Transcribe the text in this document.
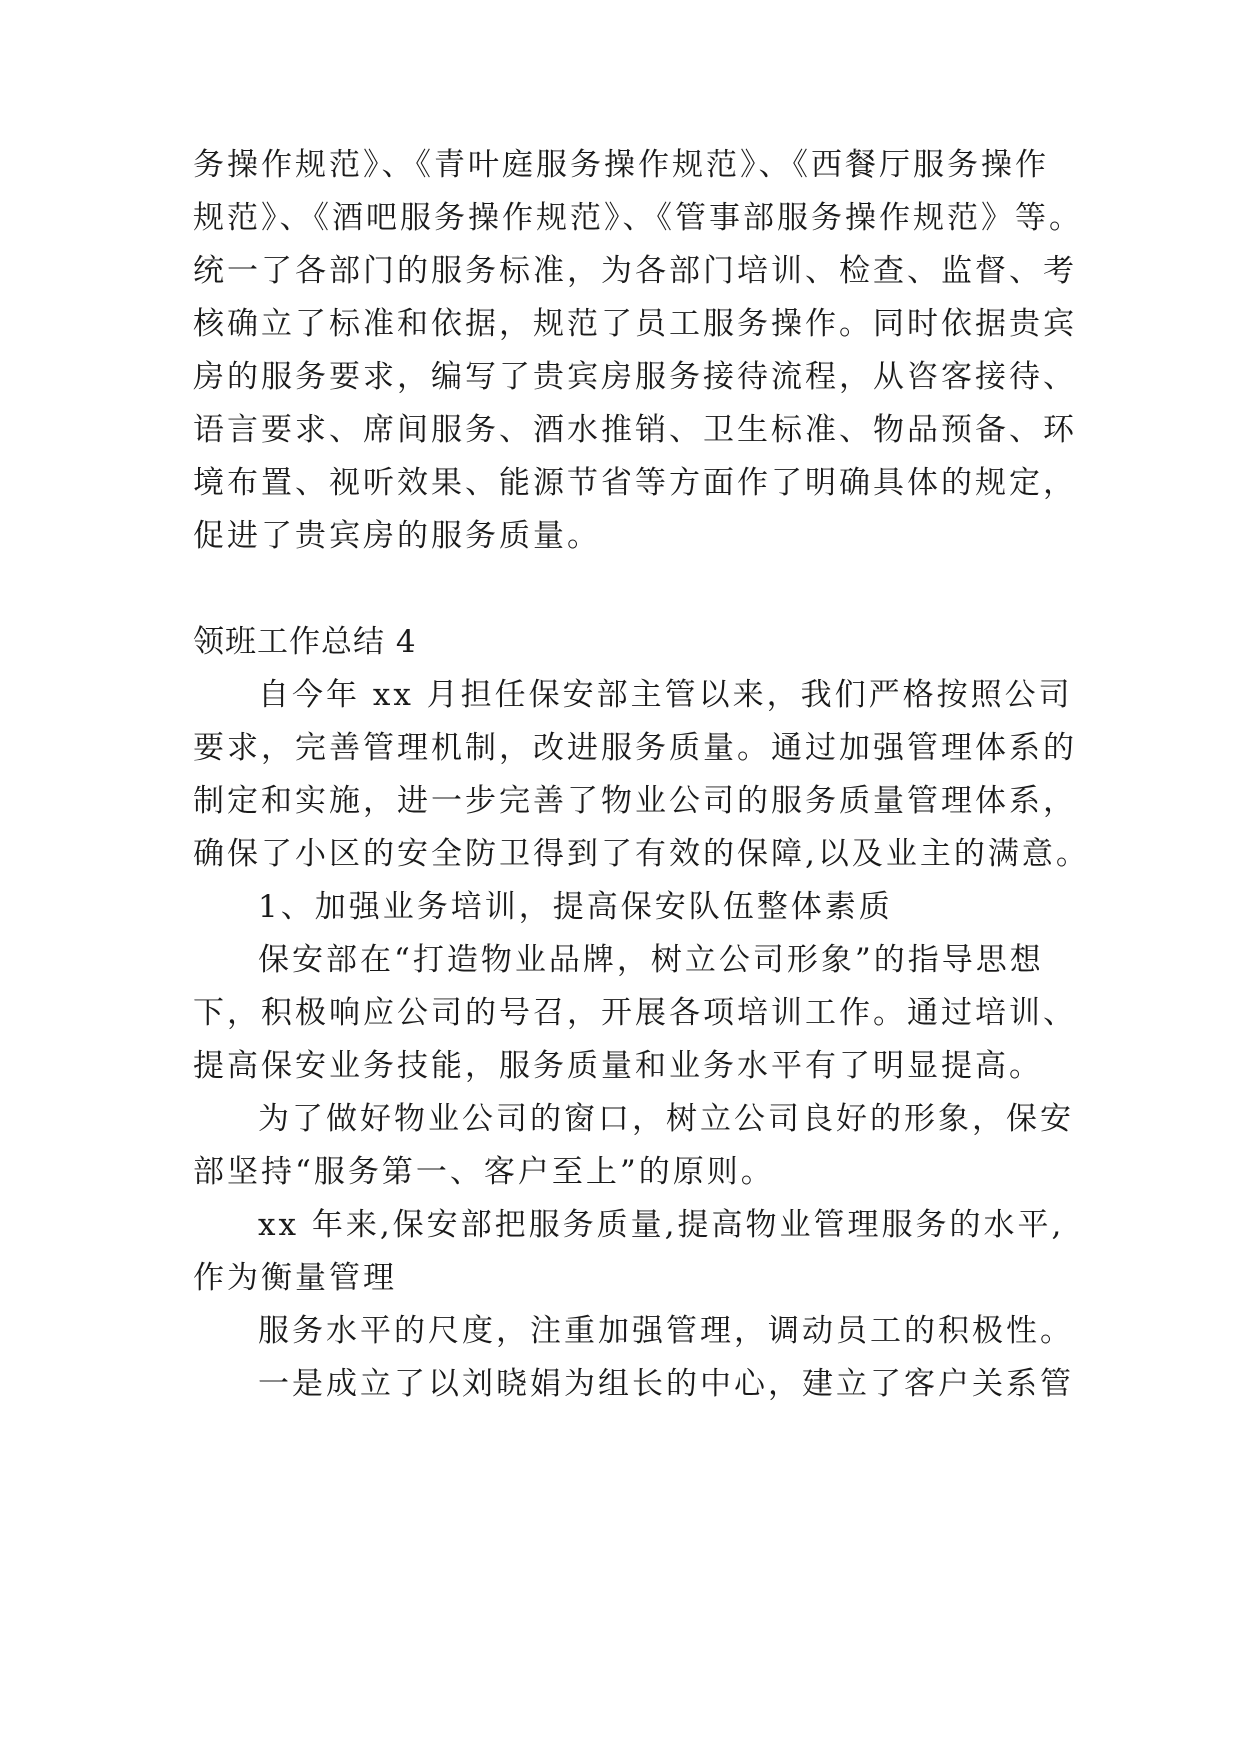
务操作规范》、《青叶庭服务操作规范》、《西餐厅服务操作
规范》、《酒吧服务操作规范》、《管事部服务操作规范》等。
统一了各部门的服务标准，为各部门培训、检查、监督、考
核确立了标准和依据，规范了员工服务操作。同时依据贵宾
房的服务要求，编写了贵宾房服务接待流程，从咨客接待、
语言要求、席间服务、酒水推销、卫生标准、物品预备、环
境布置、视听效果、能源节省等方面作了明确具体的规定，
促进了贵宾房的服务质量。
领班工作总结 4
自今年 xx 月担任保安部主管以来，我们严格按照公司
要求，完善管理机制，改进服务质量。通过加强管理体系的
制定和实施，进一步完善了物业公司的服务质量管理体系，
确保了小区的安全防卫得到了有效的保障,以及业主的满意。
1、加强业务培训，提高保安队伍整体素质
保安部在“打造物业品牌，树立公司形象”的指导思想
下，积极响应公司的号召，开展各项培训工作。通过培训、
提高保安业务技能，服务质量和业务水平有了明显提高。
为了做好物业公司的窗口，树立公司良好的形象，保安
部坚持“服务第一、客户至上”的原则。
xx 年来,保安部把服务质量,提高物业管理服务的水平,
作为衡量管理
服务水平的尺度，注重加强管理，调动员工的积极性。
一是成立了以刘晓娟为组长的中心，建立了客户关系管
